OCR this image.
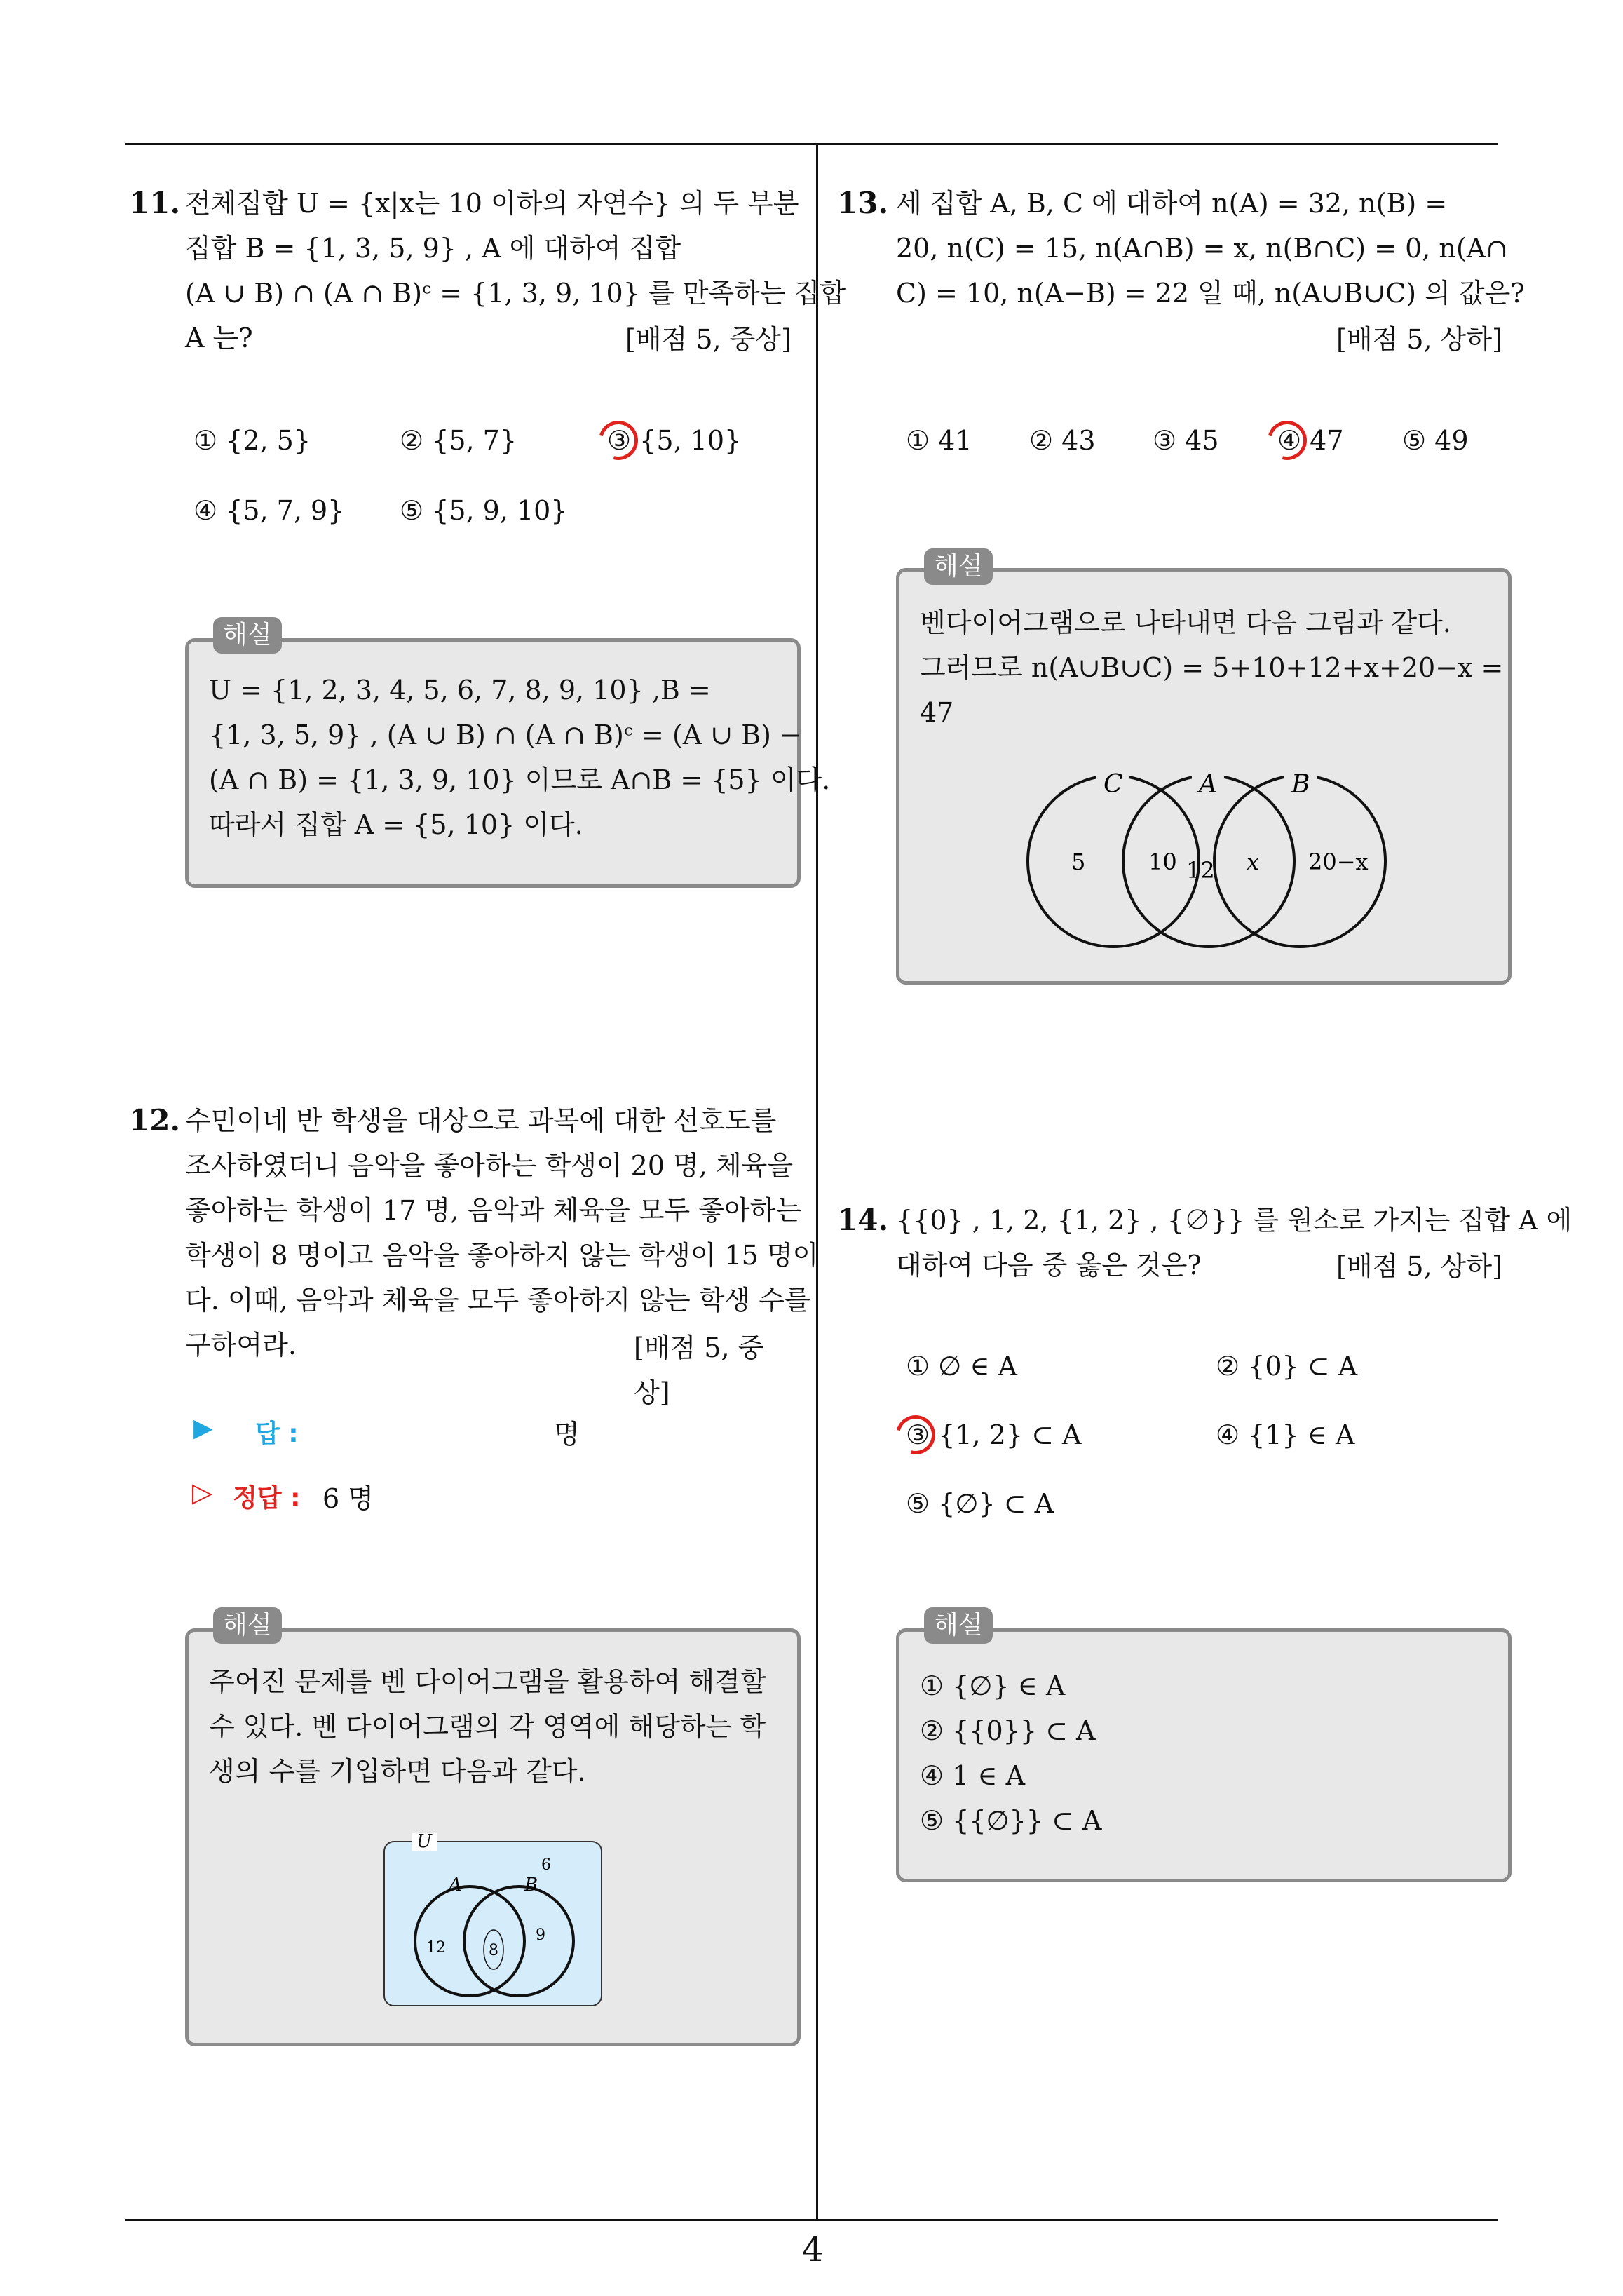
11. 전체집합 U = {x|x는 10 이하의 자연수} 의 두 부분
집합 B = {1, 3, 5, 9} , A 에 대하여 집합
(A ∪ B) ∩ (A ∩ B)ᶜ = {1, 3, 9, 10} 를 만족하는 집합
A 는?	[배점 5, 중상]
① {2, 5}	② {5, 7}	③ {5, 10}
④ {5, 7, 9} ⑤ {5, 9, 10}
해설
U = {1, 2, 3, 4, 5, 6, 7, 8, 9, 10} ,B =
{1, 3, 5, 9} , (A ∪ B) ∩ (A ∩ B)ᶜ = (A ∪ B) −
(A ∩ B) = {1, 3, 9, 10} 이므로 A∩B = {5} 이다.
따라서 집합 A = {5, 10} 이다.
12. 수민이네 반 학생을 대상으로 과목에 대한 선호도를
조사하였더니 음악을 좋아하는 학생이 20 명, 체육을
좋아하는 학생이 17 명, 음악과 체육을 모두 좋아하는
학생이 8 명이고 음악을 좋아하지 않는 학생이 15 명이
다. 이때, 음악과 체육을 모두 좋아하지 않는 학생 수를
구하여라.	[배점 5, 중상]
▶ 답 :	명
▷ 정답 : 6 명
해설
주어진 문제를 벤 다이어그램을 활용하여 해결할
수 있다. 벤 다이어그램의 각 영역에 해당하는 학
생의 수를 기입하면 다음과 같다.
U
A	B
6
12	8
9
13. 세 집합 A, B, C 에 대하여 n(A) = 32, n(B) =
20, n(C) = 15, n(A∩B) = x, n(B∩C) = 0, n(A∩
C) = 10, n(A−B) = 22 일 때, n(A∪B∪C) 의 값은?
[배점 5, 상하]
① 41 ② 43 ③ 45 ④ 47 ⑤ 49
해설
벤다이어그램으로 나타내면 다음 그림과 같다.
그러므로 n(A∪B∪C) = 5+10+12+x+20−x =
47
C	A	B
5	10 12 x 20−x
14. {{0} , 1, 2, {1, 2} , {∅}} 를 원소로 가지는 집합 A 에
대하여 다음 중 옳은 것은?	[배점 5, 상하]
① ∅ ∈ A	② {0} ⊂ A
③ {1, 2} ⊂ A	④ {1} ∈ A
⑤ {∅} ⊂ A
해설
① {∅} ∈ A
② {{0}} ⊂ A
④ 1 ∈ A
⑤ {{∅}} ⊂ A
4
